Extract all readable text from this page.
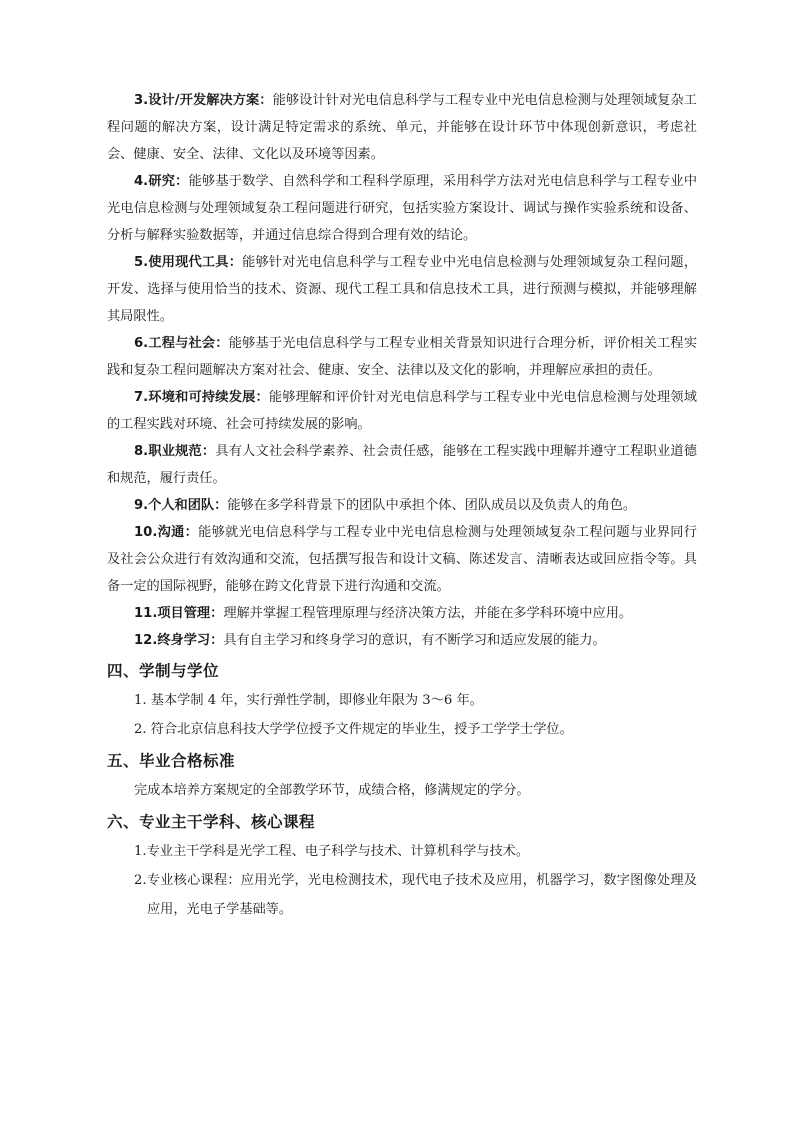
3.设计/开发解决方案：能够设计针对光电信息科学与工程专业中光电信息检测与处理领域复杂工程问题的解决方案，设计满足特定需求的系统、单元，并能够在设计环节中体现创新意识，考虑社会、健康、安全、法律、文化以及环境等因素。

4.研究：能够基于数学、自然科学和工程科学原理，采用科学方法对光电信息科学与工程专业中光电信息检测与处理领域复杂工程问题进行研究，包括实验方案设计、调试与操作实验系统和设备、分析与解释实验数据等，并通过信息综合得到合理有效的结论。

5.使用现代工具：能够针对光电信息科学与工程专业中光电信息检测与处理领域复杂工程问题，开发、选择与使用恰当的技术、资源、现代工程工具和信息技术工具，进行预测与模拟，并能够理解其局限性。

6.工程与社会：能够基于光电信息科学与工程专业相关背景知识进行合理分析，评价相关工程实践和复杂工程问题解决方案对社会、健康、安全、法律以及文化的影响，并理解应承担的责任。

7.环境和可持续发展：能够理解和评价针对光电信息科学与工程专业中光电信息检测与处理领域的工程实践对环境、社会可持续发展的影响。

8.职业规范：具有人文社会科学素养、社会责任感，能够在工程实践中理解并遵守工程职业道德和规范，履行责任。

9.个人和团队：能够在多学科背景下的团队中承担个体、团队成员以及负责人的角色。

10.沟通：能够就光电信息科学与工程专业中光电信息检测与处理领域复杂工程问题与业界同行及社会公众进行有效沟通和交流，包括撰写报告和设计文稿、陈述发言、清晰表达或回应指令等。具备一定的国际视野，能够在跨文化背景下进行沟通和交流。

11.项目管理：理解并掌握工程管理原理与经济决策方法，并能在多学科环境中应用。

12.终身学习：具有自主学习和终身学习的意识，有不断学习和适应发展的能力。

四、学制与学位

1. 基本学制 4 年，实行弹性学制，即修业年限为 3～6 年。

2. 符合北京信息科技大学学位授予文件规定的毕业生，授予工学学士学位。

五、毕业合格标准

完成本培养方案规定的全部教学环节，成绩合格，修满规定的学分。

六、专业主干学科、核心课程

1.专业主干学科是光学工程、电子科学与技术、计算机科学与技术。

2.专业核心课程：应用光学，光电检测技术，现代电子技术及应用，机器学习，数字图像处理及应用，光电子学基础等。
